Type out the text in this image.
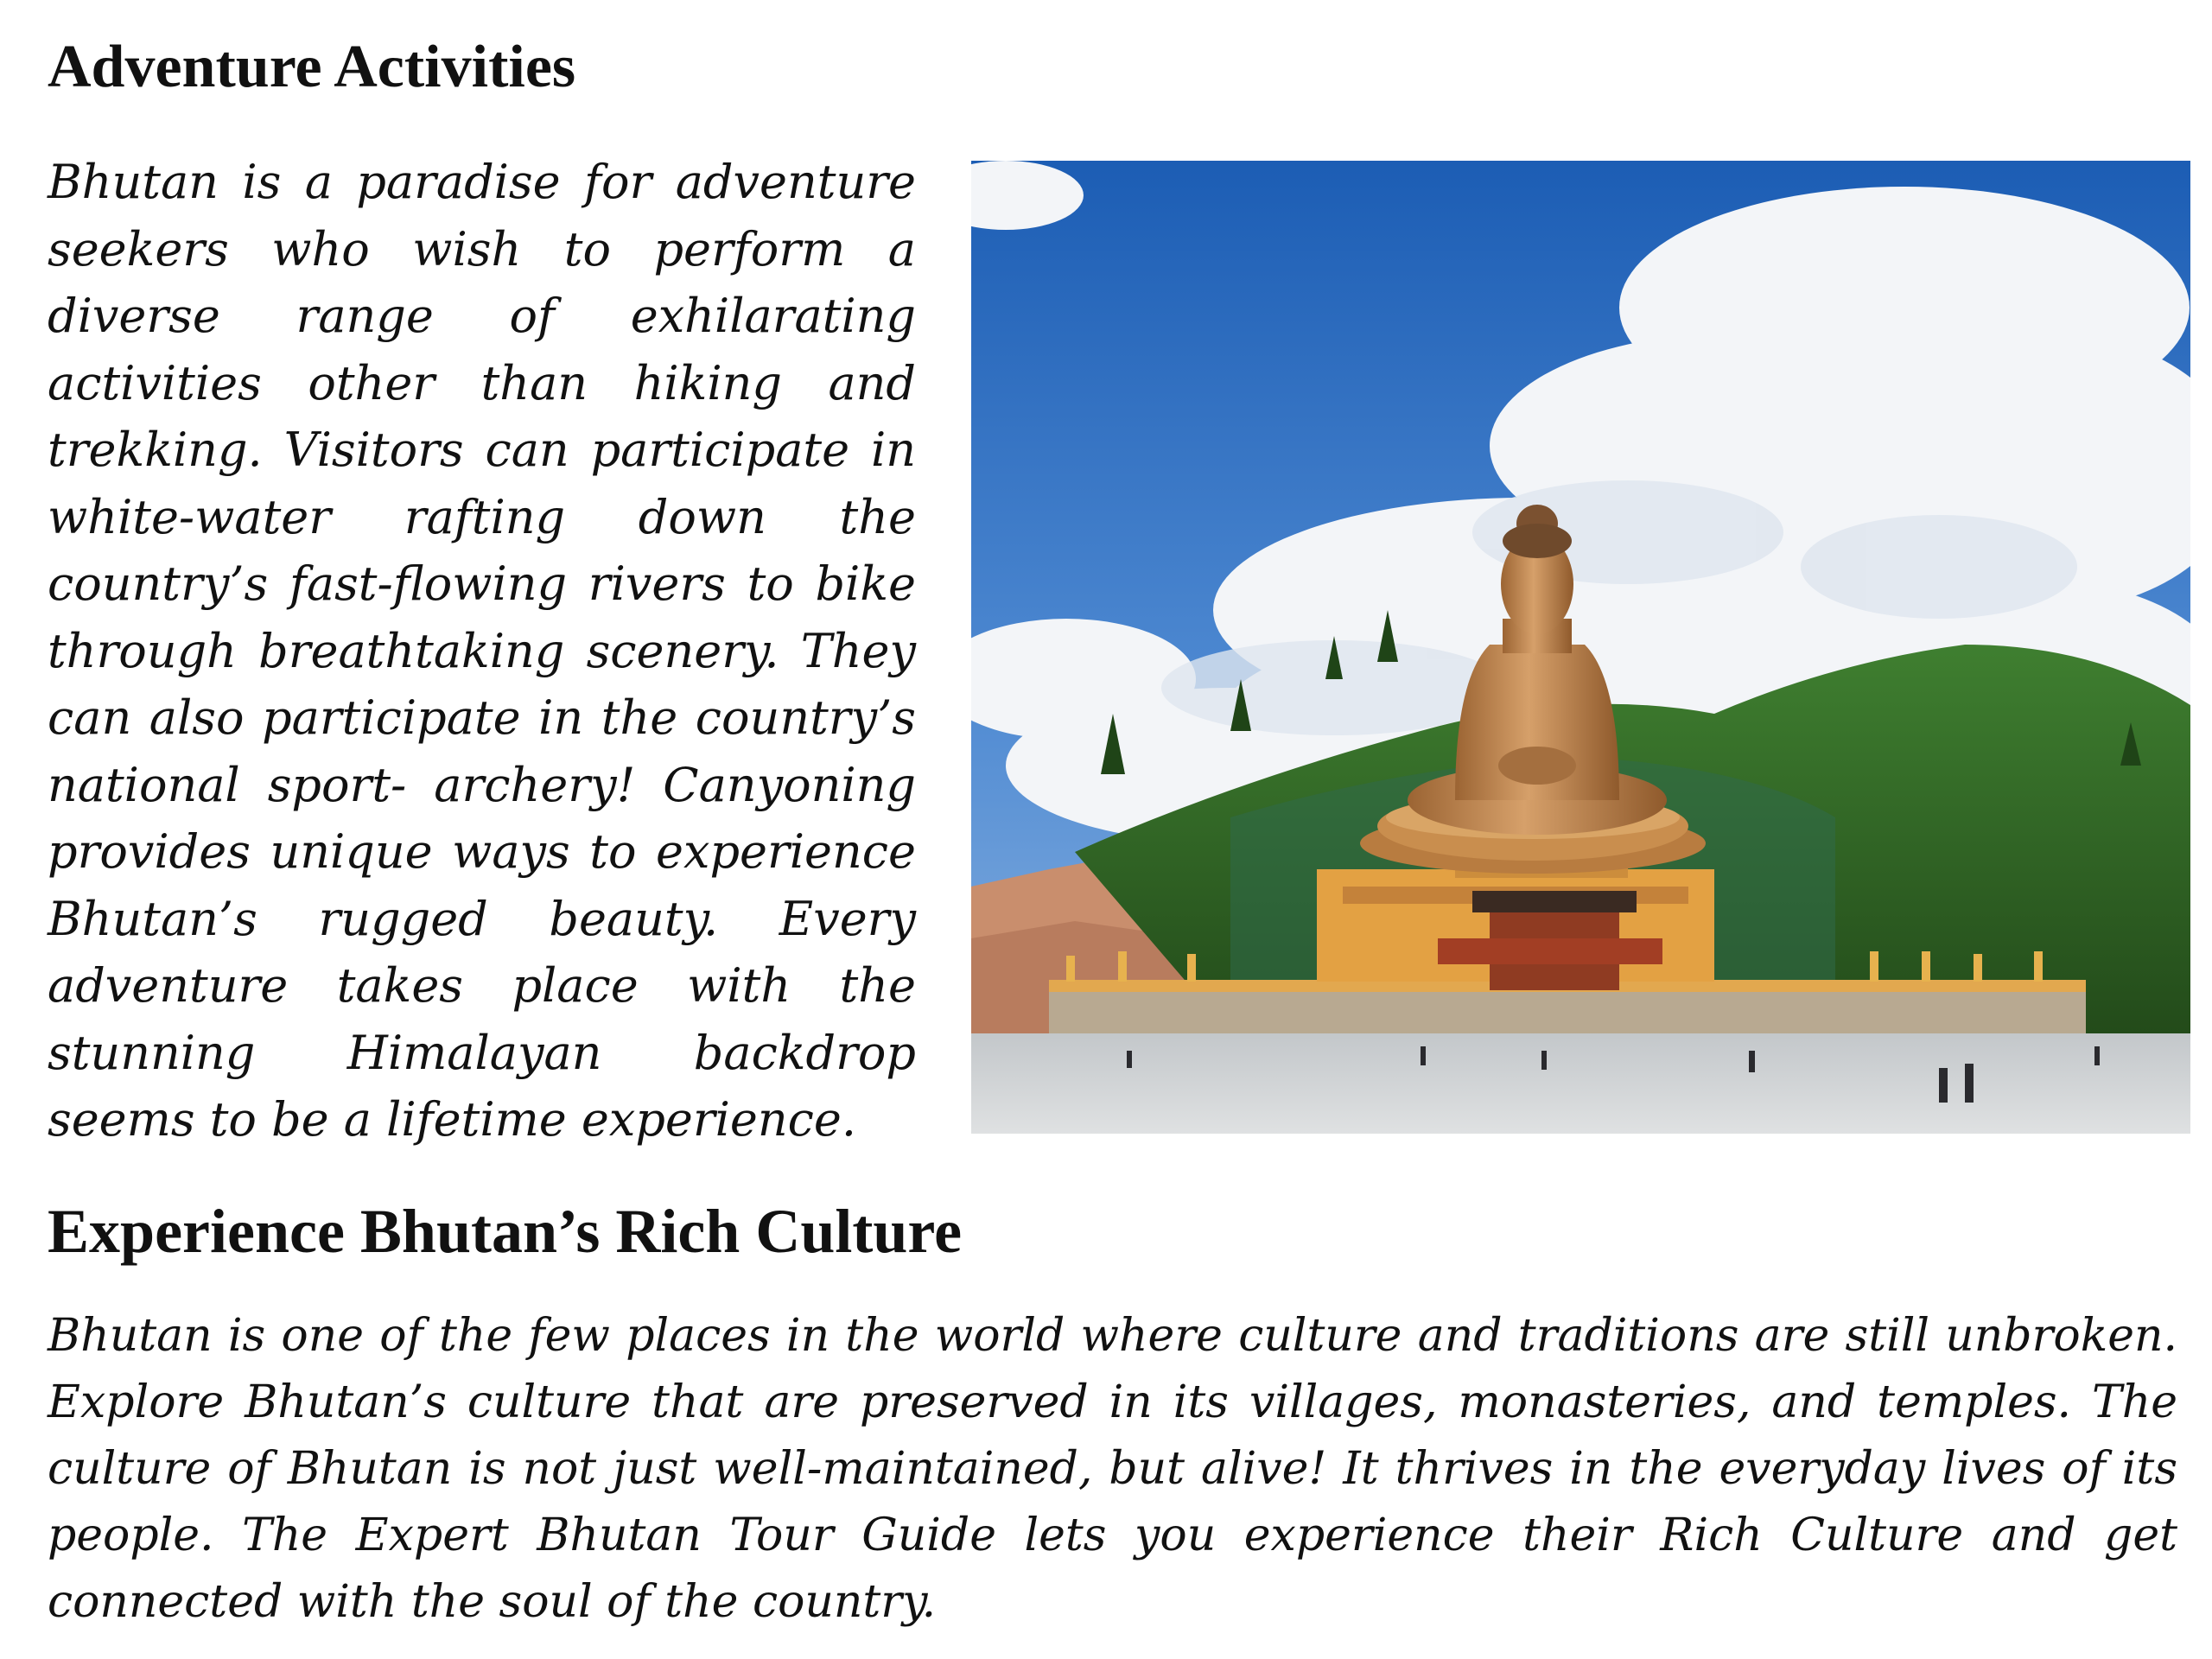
Adventure Activities

Bhutan is a paradise for adventure seekers who wish to perform a diverse range of exhilarating activities other than hiking and trekking. Visitors can participate in white-water rafting down the country’s fast-flowing rivers to bike through breathtaking scenery. They can also participate in the country’s national sport- archery! Canyoning provides unique ways to experience Bhutan’s rugged beauty. Every adventure takes place with the stunning Himalayan backdrop seems to be a lifetime experience.

Experience Bhutan’s Rich Culture

Bhutan is one of the few places in the world where culture and traditions are still unbroken. Explore Bhutan’s culture that are preserved in its villages, monasteries, and temples. The culture of Bhutan is not just well-maintained, but alive! It thrives in the everyday lives of its people. The Expert Bhutan Tour Guide lets you experience their Rich Culture and get connected with the soul of the country.
